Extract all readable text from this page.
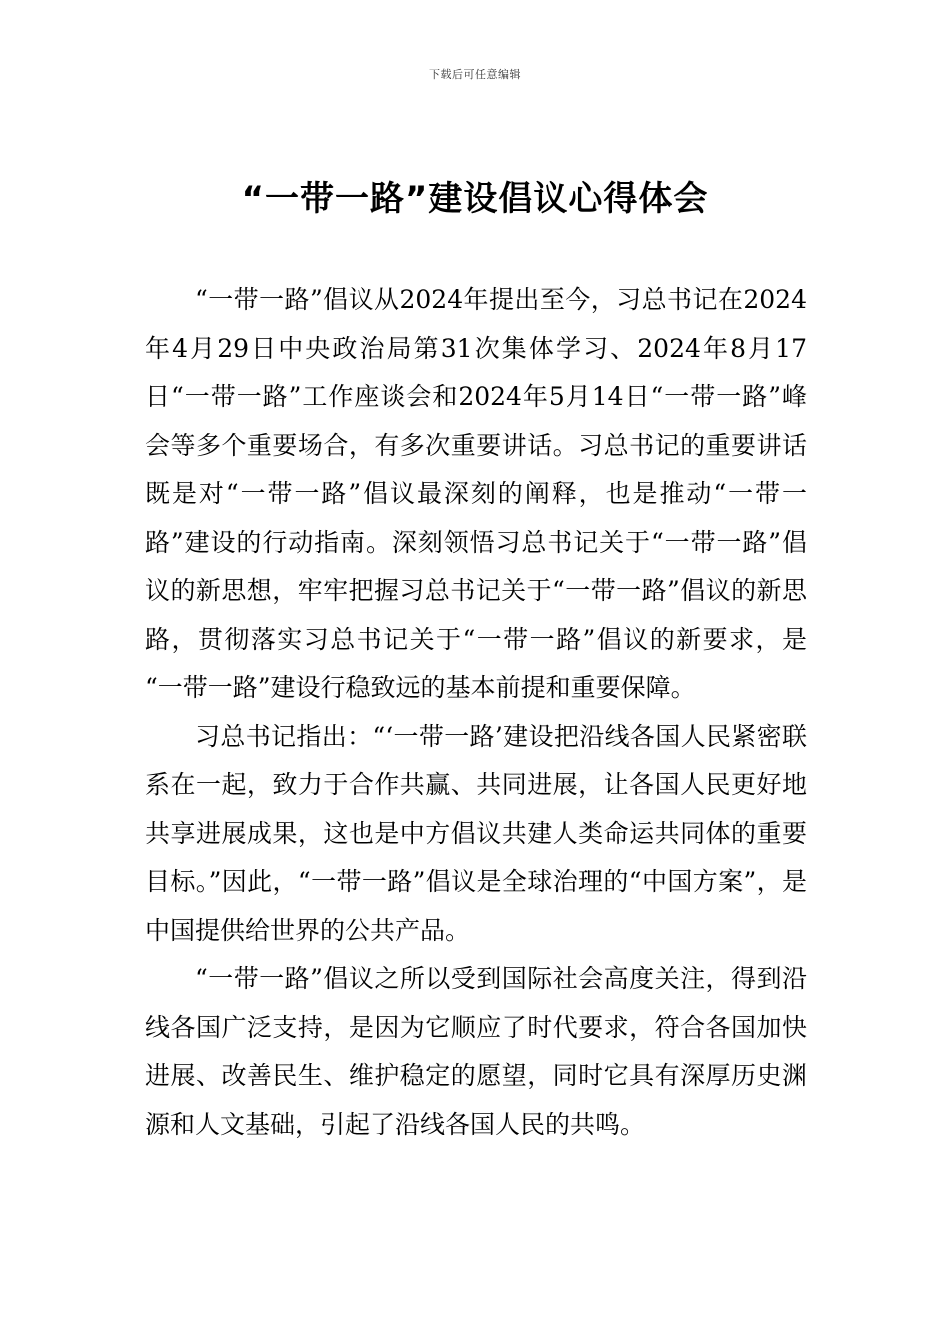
下载后可任意编辑
“一带一路”建设倡议心得体会

“一带一路”倡议从2024年提出至今，习总书记在2024年4月29日中央政治局第31次集体学习、2024年8月17日“一带一路”工作座谈会和2024年5月14日“一带一路”峰会等多个重要场合，有多次重要讲话。习总书记的重要讲话既是对“一带一路”倡议最深刻的阐释，也是推动“一带一路”建设的行动指南。深刻领悟习总书记关于“一带一路”倡议的新思想，牢牢把握习总书记关于“一带一路”倡议的新思路，贯彻落实习总书记关于“一带一路”倡议的新要求，是 “一带一路”建设行稳致远的基本前提和重要保障。

习总书记指出：“‘一带一路’建设把沿线各国人民紧密联系在一起，致力于合作共赢、共同进展，让各国人民更好地共享进展成果，这也是中方倡议共建人类命运共同体的重要目标。”因此，“一带一路”倡议是全球治理的“中国方案”，是中国提供给世界的公共产品。

“一带一路”倡议之所以受到国际社会高度关注，得到沿线各国广泛支持，是因为它顺应了时代要求，符合各国加快进展、改善民生、维护稳定的愿望，同时它具有深厚历史渊源和人文基础，引起了沿线各国人民的共鸣。
